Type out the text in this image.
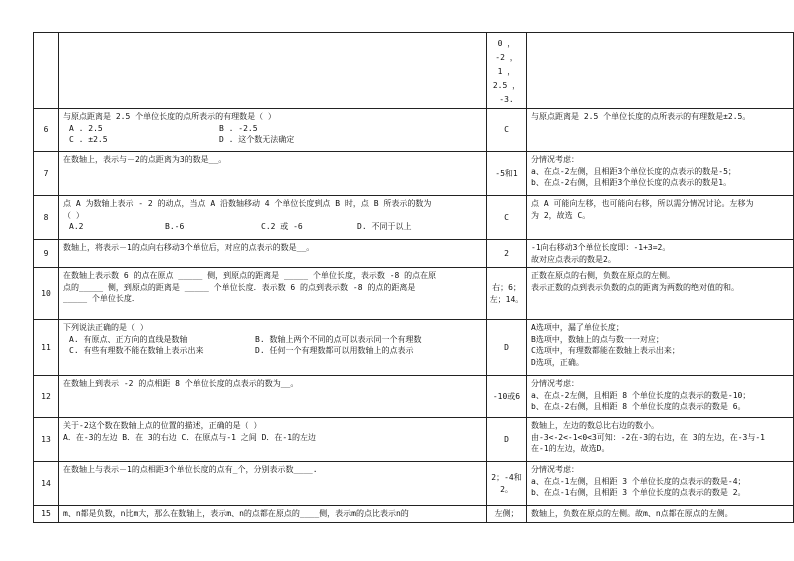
		0 ，
-2 ，
1 ，
2.5 ，
-3.	

6	与原点距离是 2.5 个单位长度的点所表示的有理数是（ ）
A . 2.5 B . -2.5
C . ±2.5 D . 这个数无法确定	C	与原点距离是 2.5 个单位长度的点所表示的有理数是±2.5。

7	在数轴上，表示与－2的点距离为3的数是__。	-5和1	分情况考虑：
a、在点-2左侧，且相距3个单位长度的点表示的数是-5；
b、在点-2右侧，且相距3个单位长度的点表示的数是1。

8	点 A 为数轴上表示 - 2 的动点，当点 A 沿数轴移动 4 个单位长度到点 B 时，点 B 所表示的数为
（ ）
A.2 B.-6 C.2 或 -6 D. 不同于以上	C	点 A 可能向左移，也可能向右移，所以需分情况讨论。左移为
为 2，故选 C。

9	数轴上，将表示－1的点向右移动3个单位后，对应的点表示的数是__。	2	-1向右移动3个单位长度即：-1+3=2。
故对应点表示的数是2。

10	在数轴上表示数 6 的点在原点 _____ 侧，到原点的距离是 _____ 个单位长度，表示数 -8 的点在原
点的_____ 侧，到原点的距离是 _____ 个单位长度．表示数 6 的点到表示数 -8 的点的距离是
_____ 个单位长度．	右；6；
左；14。	正数在原点的右侧，负数在原点的左侧。
表示正数的点到表示负数的点的距离为两数的绝对值的和。

11	下列说法正确的是（ ）
A. 有原点、正方向的直线是数轴 B. 数轴上两个不同的点可以表示同一个有理数
C. 有些有理数不能在数轴上表示出来 D. 任何一个有理数都可以用数轴上的点表示	D	A选项中，漏了单位长度；
B选项中，数轴上的点与数一一对应；
C选项中，有理数都能在数轴上表示出来；
D选项，正确。

12	在数轴上到表示 -2 的点相距 8 个单位长度的点表示的数为__。	-10或6	分情况考虑：
a、在点-2左侧，且相距 8 个单位长度的点表示的数是-10；
b、在点-2右侧，且相距 8 个单位长度的点表示的数是 6。

13	关于-2这个数在数轴上点的位置的描述，正确的是（ ）
A．在-3的左边 B．在 3的右边 C．在原点与-1 之间 D．在-1的左边	D	数轴上，左边的数总比右边的数小。
由-3<-2<-1<0<3可知：-2在-3的右边，在 3的左边，在-3与-1
在-1的左边，故选D。

14	在数轴上与表示－1的点相距3个单位长度的点有_个，分别表示数____.	2；-4和
2。	分情况考虑：
a、在点-1左侧，且相距 3 个单位长度的点表示的数是-4；
b、在点-1右侧，且相距 3 个单位长度的点表示的数是 2。

15	m、n都是负数，n比m大，那么在数轴上，表示m、n的点都在原点的____侧，表示m的点比表示n的	左侧；	数轴上，负数在原点的左侧。故m、n点都在原点的左侧。
